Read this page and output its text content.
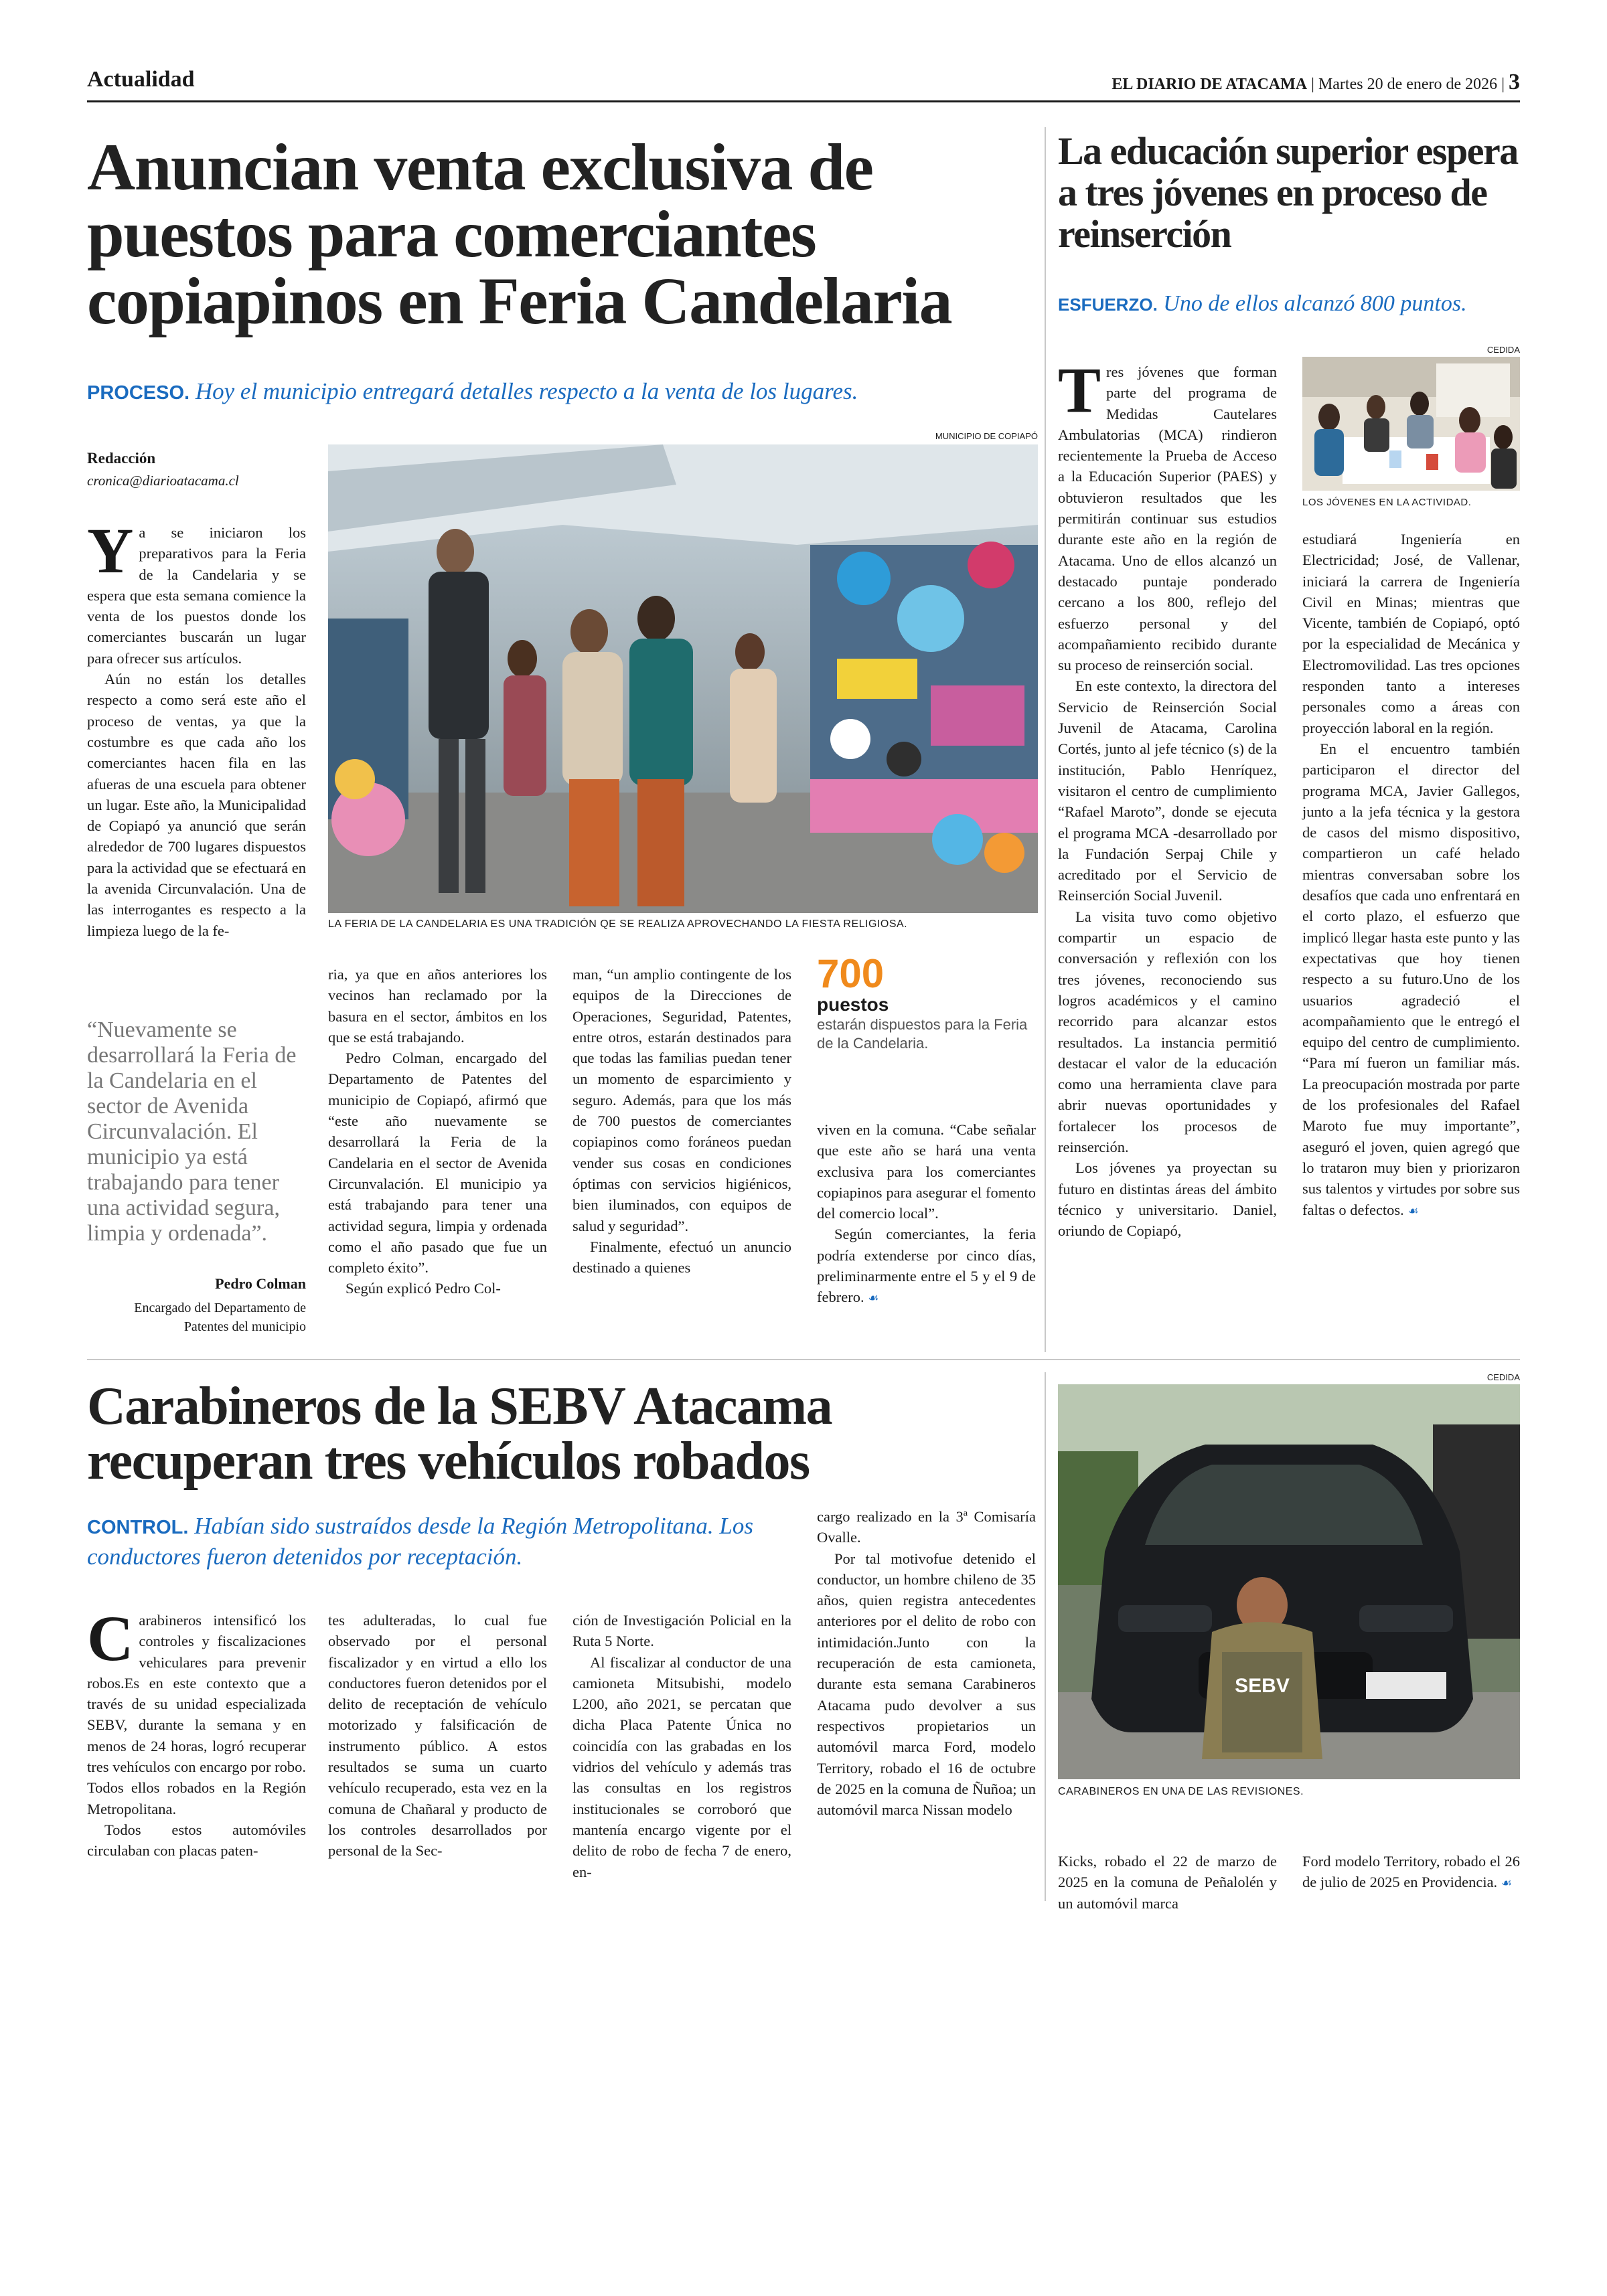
Actualidad	EL DIARIO DE ATACAMA | Martes 20 de enero de 2026 | 3
Anuncian venta exclusiva de puestos para comerciantes copiapinos en Feria Candelaria
PROCESO. Hoy el municipio entregará detalles respecto a la venta de los lugares.
Redacción
cronica@diarioatacama.cl
Y a se iniciaron los preparativos para la Feria de la Candelaria y se espera que esta semana comience la venta de los puestos donde los comerciantes buscarán un lugar para ofrecer sus artículos.

Aún no están los detalles respecto a como será este año el proceso de ventas, ya que la costumbre es que cada año los comerciantes hacen fila en las afueras de una escuela para obtener un lugar. Este año, la Municipalidad de Copiapó ya anunció que serán alrededor de 700 lugares dispuestos para la actividad que se efectuará en la avenida Circunvalación. Una de las interrogantes es respecto a la limpieza luego de la fe-

“Nuevamente se desarrollará la Feria de la Candelaria en el sector de Avenida Circunvalación. El municipio ya está trabajando para tener una actividad segura, limpia y ordenada”.
Pedro Colman
Encargado del Departamento de Patentes del municipio
MUNICIPIO DE COPIAPÓ
LA FERIA DE LA CANDELARIA ES UNA TRADICIÓN QE SE REALIZA APROVECHANDO LA FIESTA RELIGIOSA.

ria, ya que en años anteriores los vecinos han reclamado por la basura en el sector, ámbitos en los que se está trabajando.

Pedro Colman, encargado del Departamento de Patentes del municipio de Copiapó, afirmó que “este año nuevamente se desarrollará la Feria de la Candelaria en el sector de Avenida Circunvalación. El municipio ya está trabajando para tener una actividad segura, limpia y ordenada como el año pasado que fue un completo éxito”.

Según explicó Pedro Col-

man, “un amplio contingente de los equipos de la Direcciones de Operaciones, Seguridad, Patentes, entre otros, estarán destinados para que todas las familias puedan tener un momento de esparcimiento y seguro. Además, para que los más de 700 puestos de comerciantes copiapinos como foráneos puedan vender sus cosas en condiciones óptimas con servicios higiénicos, bien iluminados, con equipos de salud y seguridad”.

Finalmente, efectuó un anuncio destinado a quienes

700
puestos
estarán dispuestos para la Feria de la Candelaria.

viven en la comuna. “Cabe señalar que este año se hará una venta exclusiva para los comerciantes copiapinos para asegurar el fomento del comercio local”.

Según comerciantes, la feria podría extenderse por cinco días, preliminarmente entre el 5 y el 9 de febrero. ☙

La educación superior espera a tres jóvenes en proceso de reinserción
ESFUERZO. Uno de ellos alcanzó 800 puntos.
T res jóvenes que forman parte del programa de Medidas Cautelares Ambulatorias (MCA) rindieron recientemente la Prueba de Acceso a la Educación Superior (PAES) y obtuvieron resultados que les permitirán continuar sus estudios durante este año en la región de Atacama. Uno de ellos alcanzó un destacado puntaje ponderado cercano a los 800, reflejo del esfuerzo personal y del acompañamiento recibido durante su proceso de reinserción social.

En este contexto, la directora del Servicio de Reinserción Social Juvenil de Atacama, Carolina Cortés, junto al jefe técnico (s) de la institución, Pablo Henríquez, visitaron el centro de cumplimiento “Rafael Maroto”, donde se ejecuta el programa MCA -desarrollado por la Fundación Serpaj Chile y acreditado por el Servicio de Reinserción Social Juvenil.

La visita tuvo como objetivo compartir un espacio de conversación y reflexión con los tres jóvenes, reconociendo sus logros académicos y el camino recorrido para alcanzar estos resultados. La instancia permitió destacar el valor de la educación como una herramienta clave para abrir nuevas oportunidades y fortalecer los procesos de reinserción.

Los jóvenes ya proyectan su futuro en distintas áreas del ámbito técnico y universitario. Daniel, oriundo de Copiapó,

CEDIDA
LOS JÓVENES EN LA ACTIVIDAD.

estudiará Ingeniería en Electricidad; José, de Vallenar, iniciará la carrera de Ingeniería Civil en Minas; mientras que Vicente, también de Copiapó, optó por la especialidad de Mecánica y Electromovilidad. Las tres opciones responden tanto a intereses personales como a áreas con proyección laboral en la región.

En el encuentro también participaron el director del programa MCA, Javier Gallegos, junto a la jefa técnica y la gestora de casos del mismo dispositivo, compartieron un café helado mientras conversaban sobre los desafíos que cada uno enfrentará en el corto plazo, el esfuerzo que implicó llegar hasta este punto y las expectativas que hoy tienen respecto a su futuro.Uno de los usuarios agradeció el acompañamiento que le entregó el equipo del centro de cumplimiento. “Para mí fueron un familiar más. La preocupación mostrada por parte de los profesionales del Rafael Maroto fue muy importante”, aseguró el joven, quien agregó que lo trataron muy bien y priorizaron sus talentos y virtudes por sobre sus faltas o defectos. ☙

Carabineros de la SEBV Atacama recuperan tres vehículos robados
CONTROL. Habían sido sustraídos desde la Región Metropolitana. Los conductores fueron detenidos por receptación.
C arabineros intensificó los controles y fiscalizaciones vehiculares para prevenir robos.Es en este contexto que a través de su unidad especializada SEBV, durante la semana y en menos de 24 horas, logró recuperar tres vehículos con encargo por robo. Todos ellos robados en la Región Metropolitana.

Todos estos automóviles circulaban con placas paten-

tes adulteradas, lo cual fue observado por el personal fiscalizador y en virtud a ello los conductores fueron detenidos por el delito de receptación de vehículo motorizado y falsificación de instrumento público. A estos resultados se suma un cuarto vehículo recuperado, esta vez en la comuna de Chañaral y producto de los controles desarrollados por personal de la Sec-

ción de Investigación Policial en la Ruta 5 Norte.

Al fiscalizar al conductor de una camioneta Mitsubishi, modelo L200, año 2021, se percatan que dicha Placa Patente Única no coincidía con las grabadas en los vidrios del vehículo y además tras las consultas en los registros institucionales se corroboró que mantenía encargo vigente por el delito de robo de fecha 7 de enero, en-

cargo realizado en la 3ª Comisaría Ovalle.

Por tal motivofue detenido el conductor, un hombre chileno de 35 años, quien registra antecedentes anteriores por el delito de robo con intimidación.Junto con la recuperación de esta camioneta, durante esta semana Carabineros Atacama pudo devolver a sus respectivos propietarios un automóvil marca Ford, modelo Territory, robado el 16 de octubre de 2025 en la comuna de Ñuñoa; un automóvil marca Nissan modelo

CEDIDA
SEBV
CARABINEROS EN UNA DE LAS REVISIONES.

Kicks, robado el 22 de marzo de 2025 en la comuna de Peñalolén y un automóvil marca

Ford modelo Territory, robado el 26 de julio de 2025 en Providencia. ☙
